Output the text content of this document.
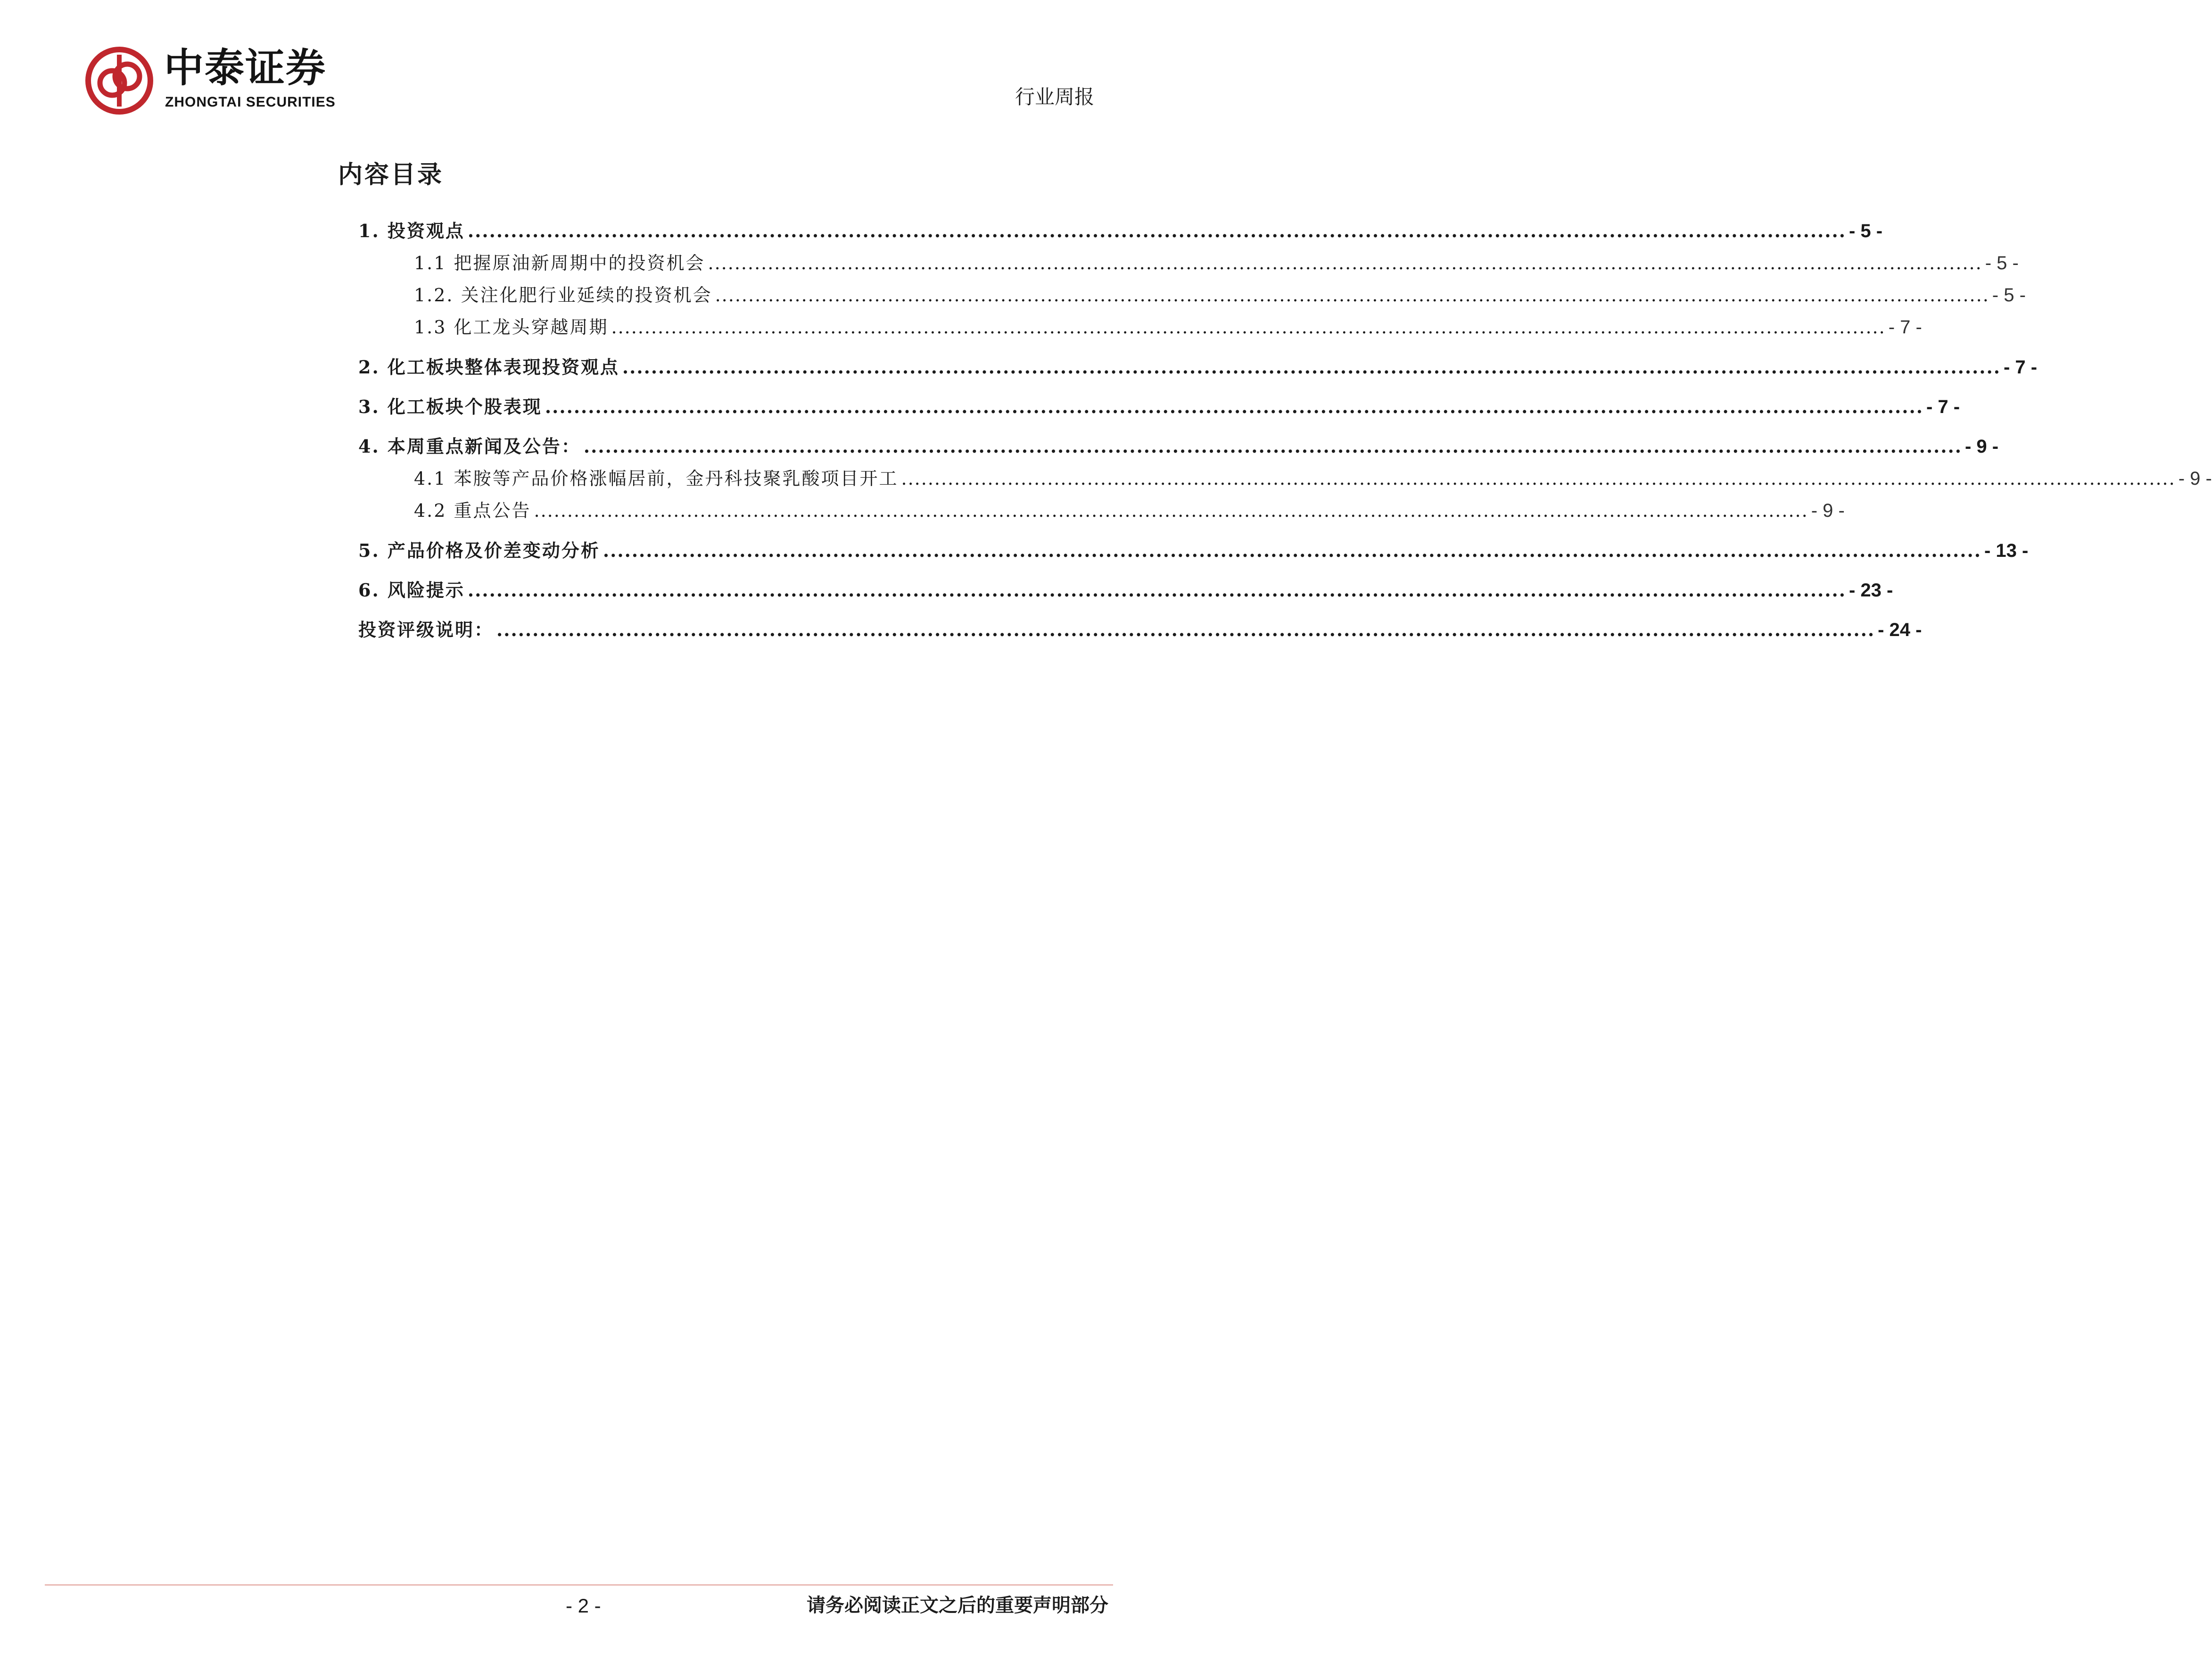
中泰证券
ZHONGTAI SECURITIES	行业周报
内容目录
1. 投资观点 ................................................................................................................................................................................................ - 5 -
1.1 把握原油新周期中的投资机会 ................................................................................................................................................................................................ - 5 -
1.2. 关注化肥行业延续的投资机会 ................................................................................................................................................................................................ - 5 -
1.3 化工龙头穿越周期 ................................................................................................................................................................................................ - 7 -
2. 化工板块整体表现投资观点 ................................................................................................................................................................................................ - 7 -
3. 化工板块个股表现 ................................................................................................................................................................................................ - 7 -
4. 本周重点新闻及公告： ................................................................................................................................................................................................ - 9 -
4.1 苯胺等产品价格涨幅居前，金丹科技聚乳酸项目开工 ................................................................................................................................................................................................ - 9 -
4.2 重点公告 ................................................................................................................................................................................................ - 9 -
5. 产品价格及价差变动分析 ................................................................................................................................................................................................ - 13 -
6. 风险提示 ................................................................................................................................................................................................ - 23 -
投资评级说明： ................................................................................................................................................................................................ - 24 -
- 2 -	请务必阅读正文之后的重要声明部分
